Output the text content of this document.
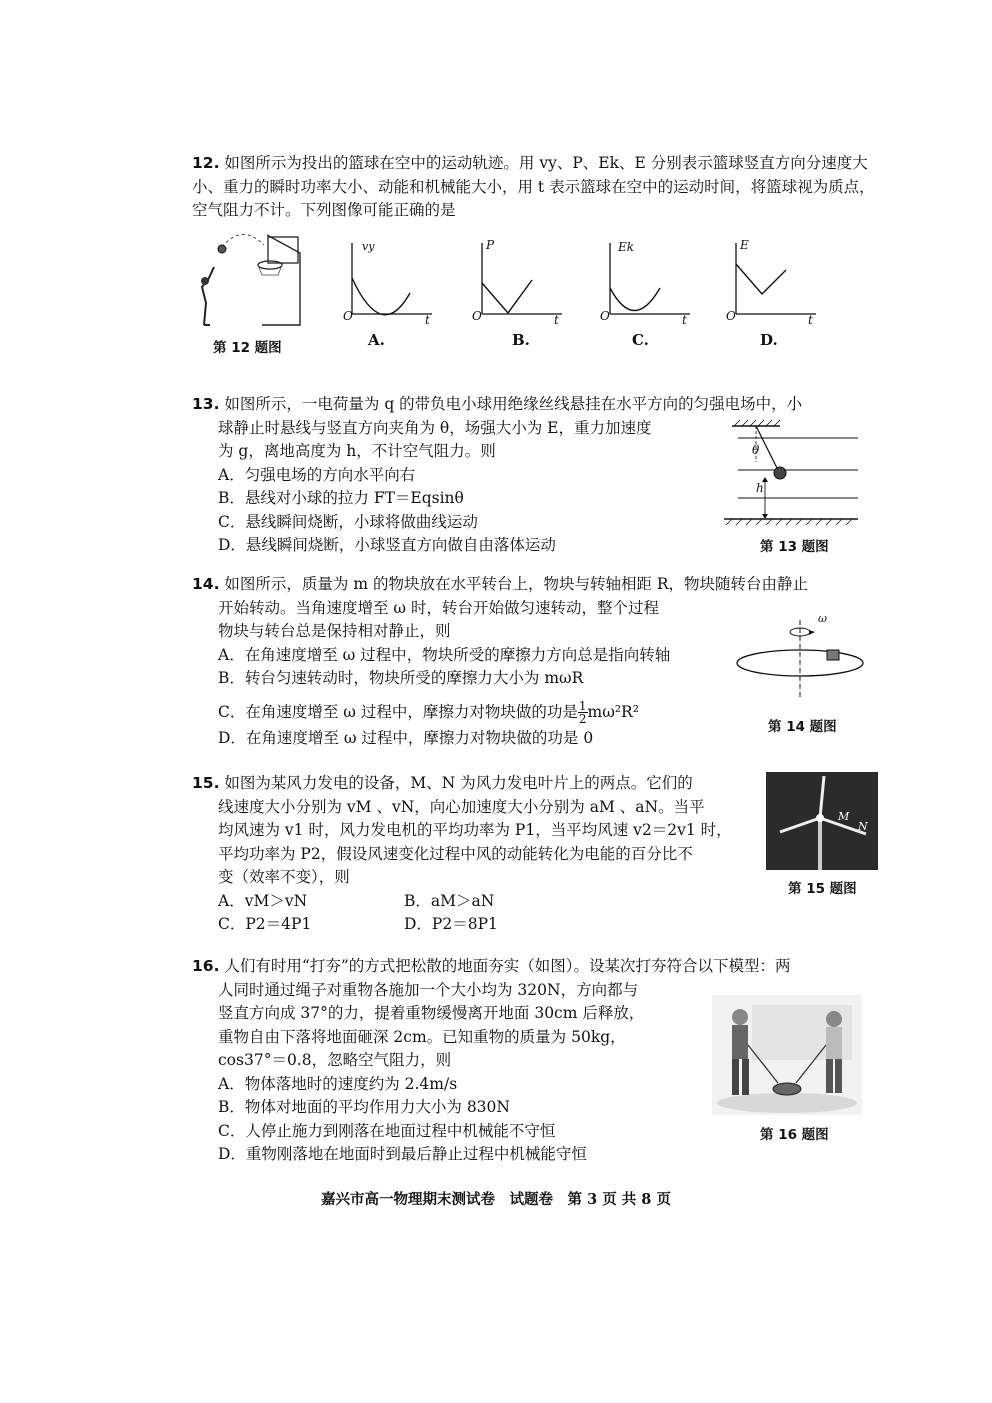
12. 如图所示为投出的篮球在空中的运动轨迹。用 vy、P、Ek、E 分别表示篮球竖直方向分速度大小、重力的瞬时功率大小、动能和机械能大小，用 t 表示篮球在空中的运动时间，将篮球视为质点，空气阻力不计。下列图像可能正确的是
第 12 题图
vy
O	t
A.
P
O	t
B.
Ek
O	t
C.
E
O	t
D.
13. 如图所示，一电荷量为 q 的带负电小球用绝缘丝线悬挂在水平方向的匀强电场中，小
球静止时悬线与竖直方向夹角为 θ，场强大小为 E，重力加速度
为 g，离地高度为 h，不计空气阻力。则
A．匀强电场的方向水平向右
B．悬线对小球的拉力 FT＝Eqsinθ
C．悬线瞬间烧断，小球将做曲线运动
D．悬线瞬间烧断，小球竖直方向做自由落体运动
θ
h
第 13 题图
14. 如图所示，质量为 m 的物块放在水平转台上，物块与转轴相距 R，物块随转台由静止
开始转动。当角速度增至 ω 时，转台开始做匀速转动，整个过程
物块与转台总是保持相对静止，则
A．在角速度增至 ω 过程中，物块所受的摩擦力方向总是指向转轴
B．转台匀速转动时，物块所受的摩擦力大小为 mωR
C．在角速度增至 ω 过程中，摩擦力对物块做的功是 $\frac{1}{2} m\omega^2R^2$
D．在角速度增至 ω 过程中，摩擦力对物块做的功是 0
ω
第 14 题图
15. 如图为某风力发电的设备，M、N 为风力发电叶片上的两点。它们的
线速度大小分别为 vM 、vN，向心加速度大小分别为 aM 、aN。当平
均风速为 v1 时，风力发电机的平均功率为 P1，当平均风速 v2＝2v1 时，
平均功率为 P2，假设风速变化过程中风的动能转化为电能的百分比不
变（效率不变），则
A．vM＞vN	B．aM＞aN
C．P2＝4P1	D．P2＝8P1
M
N
第 15 题图
16. 人们有时用“打夯”的方式把松散的地面夯实（如图）。设某次打夯符合以下模型：两
人同时通过绳子对重物各施加一个大小均为 320N，方向都与
竖直方向成 37°的力，提着重物缓慢离开地面 30cm 后释放，
重物自由下落将地面砸深 2cm。已知重物的质量为 50kg，
cos37°＝0.8，忽略空气阻力，则
A．物体落地时的速度约为 2.4m/s
B．物体对地面的平均作用力大小为 830N
C．人停止施力到刚落在地面过程中机械能不守恒
D．重物刚落地在地面时到最后静止过程中机械能守恒
第 16 题图
嘉兴市高一物理期末测试卷　试题卷　第 3 页 共 8 页
